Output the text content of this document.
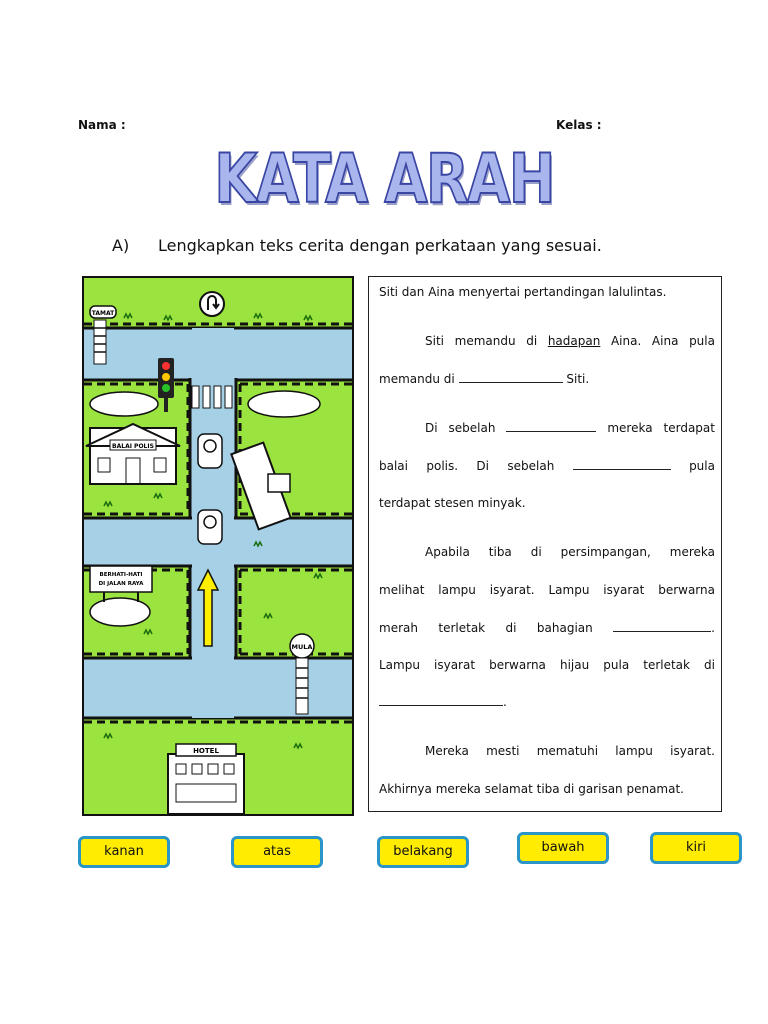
Nama :	Kelas :
KATA ARAH
A) Lengkapkan teks cerita dengan perkataan yang sesuai.
TAMAT
BALAI POLIS
BERHATI-HATI
DI JALAN RAYA
MULA
HOTEL
Siti dan Aina menyertai pertandingan lalulintas.
Siti memandu di hadapan Aina. Aina pula
memandu di	Siti.
Di sebelah	mereka terdapat
balai polis. Di sebelah	pula
terdapat stesen minyak.
Apabila tiba di persimpangan, mereka
melihat lampu isyarat. Lampu isyarat berwarna
merah terletak di bahagian	.
Lampu isyarat berwarna hijau pula terletak di
.
Mereka mesti mematuhi lampu isyarat.
Akhirnya mereka selamat tiba di garisan penamat.
kanan	atas	belakang	bawah	kiri
